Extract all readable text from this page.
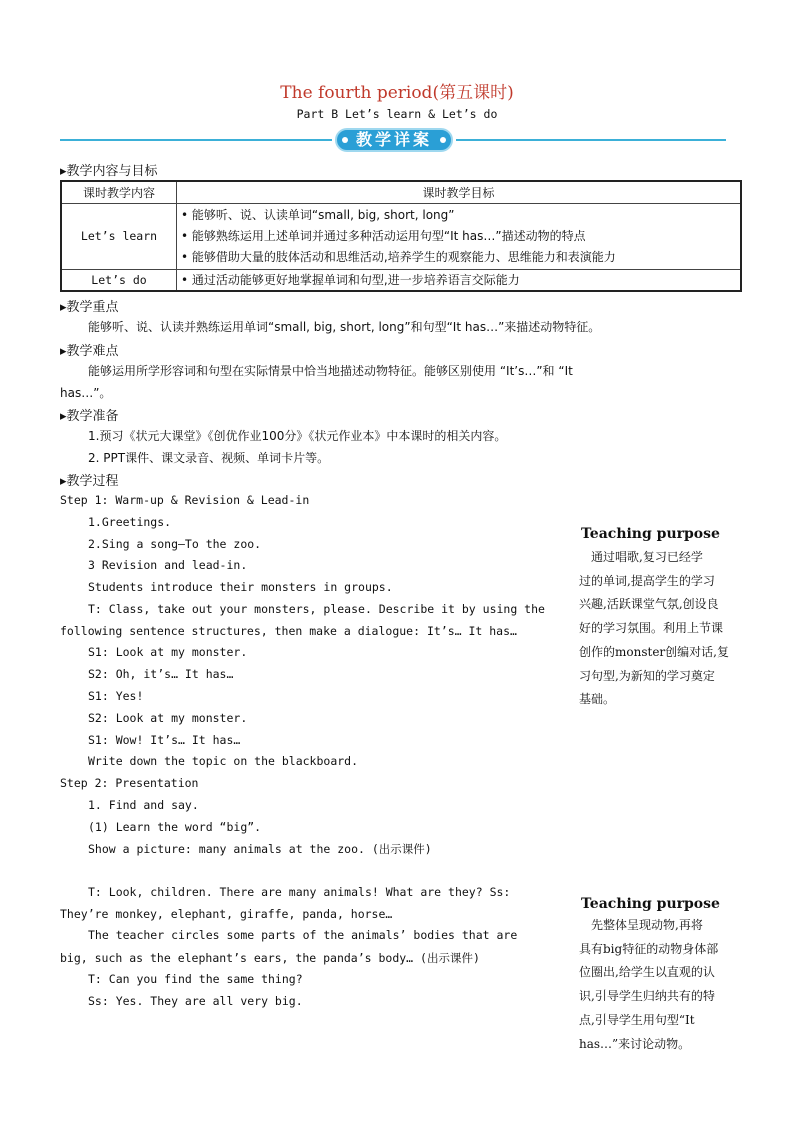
The fourth period(第五课时)
Part B Let’s learn & Let’s do
教学详案
▸教学内容与目标
课时教学内容	课时教学目标
Let’s learn	• 能够听、说、认读单词“small, big, short, long”
• 能够熟练运用上述单词并通过多种活动运用句型“It has…”描述动物的特点
• 能够借助大量的肢体活动和思维活动,培养学生的观察能力、思维能力和表演能力

Let’s do	• 通过活动能够更好地掌握单词和句型,进一步培养语言交际能力
▸教学重点
能够听、说、认读并熟练运用单词“small, big, short, long”和句型“It has…”来描述动物特征。
▸教学难点
能够运用所学形容词和句型在实际情景中恰当地描述动物特征。能够区别使用 “It’s…”和 “It
has…”。
▸教学准备
1.预习《状元大课堂》《创优作业100分》《状元作业本》中本课时的相关内容。
2. PPT课件、课文录音、视频、单词卡片等。
▸教学过程
Step 1: Warm-up & Revision & Lead-in
1.Greetings.
2.Sing a song—To the zoo.
3 Revision and lead-in.
Students introduce their monsters in groups.
T: Class, take out your monsters, please. Describe it by using the
following sentence structures, then make a dialogue: It’s… It has…
S1: Look at my monster.
S2: Oh, it’s… It has…
S1: Yes!
S2: Look at my monster.
S1: Wow! It’s… It has…
Write down the topic on the blackboard.
Step 2: Presentation
1. Find and say.
(1) Learn the word “big”.
Show a picture: many animals at the zoo. (出示课件)
T: Look, children. There are many animals! What are they? Ss:
They’re monkey, elephant, giraffe, panda, horse…
The teacher circles some parts of the animals’ bodies that are
big, such as the elephant’s ears, the panda’s body… (出示课件)
T: Can you find the same thing?
Ss: Yes. They are all very big.
Teaching purpose
　通过唱歌,复习已经学
过的单词,提高学生的学习
兴趣,活跃课堂气氛,创设良
好的学习氛围。利用上节课
创作的monster创编对话,复
习句型,为新知的学习奠定
基础。
Teaching purpose
　先整体呈现动物,再将
具有big特征的动物身体部
位圈出,给学生以直观的认
识,引导学生归纳共有的特
点,引导学生用句型“It
has…”来讨论动物。
